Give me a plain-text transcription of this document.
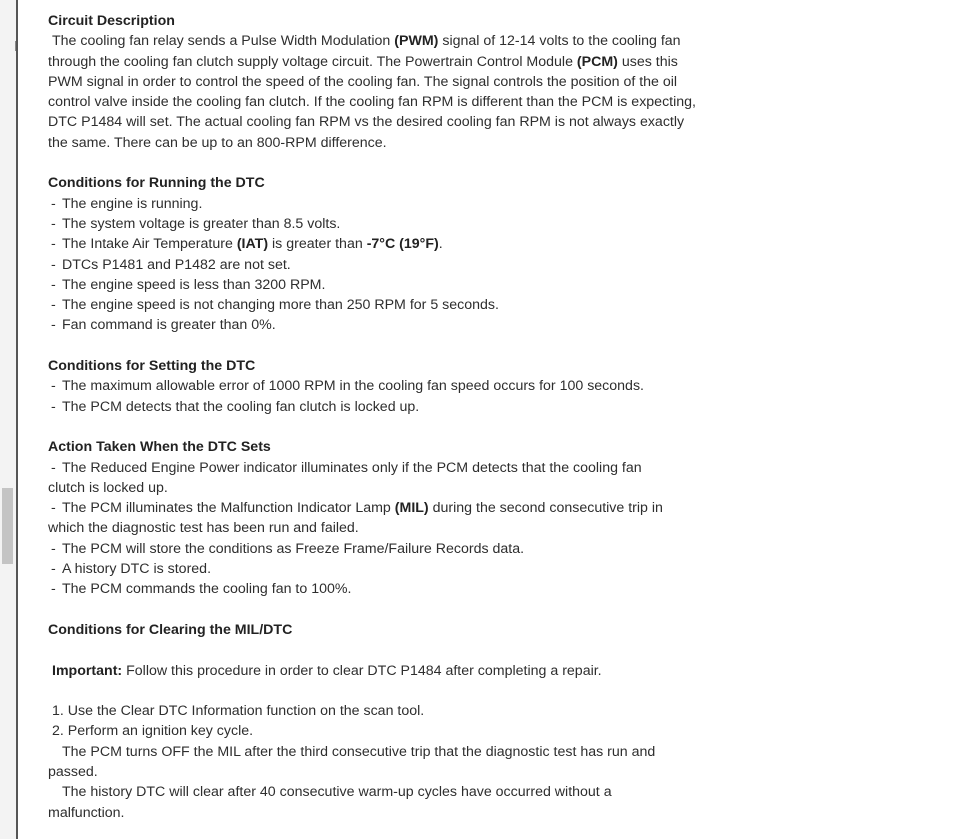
Circuit Description

The cooling fan relay sends a Pulse Width Modulation (PWM) signal of 12-14 volts to the cooling fan through the cooling fan clutch supply voltage circuit. The Powertrain Control Module (PCM) uses this PWM signal in order to control the speed of the cooling fan. The signal controls the position of the oil control valve inside the cooling fan clutch. If the cooling fan RPM is different than the PCM is expecting, DTC P1484 will set. The actual cooling fan RPM vs the desired cooling fan RPM is not always exactly the same. There can be up to an 800-RPM difference.

Conditions for Running the DTC

- The engine is running.

- The system voltage is greater than 8.5 volts.

- The Intake Air Temperature (IAT) is greater than -7°C (19°F).

- DTCs P1481 and P1482 are not set.

- The engine speed is less than 3200 RPM.

- The engine speed is not changing more than 250 RPM for 5 seconds.

- Fan command is greater than 0%.

Conditions for Setting the DTC

- The maximum allowable error of 1000 RPM in the cooling fan speed occurs for 100 seconds.

- The PCM detects that the cooling fan clutch is locked up.

Action Taken When the DTC Sets

- The Reduced Engine Power indicator illuminates only if the PCM detects that the cooling fan

clutch is locked up.

- The PCM illuminates the Malfunction Indicator Lamp (MIL) during the second consecutive trip in

which the diagnostic test has been run and failed.

- The PCM will store the conditions as Freeze Frame/Failure Records data.

- A history DTC is stored.

- The PCM commands the cooling fan to 100%.

Conditions for Clearing the MIL/DTC

Important: Follow this procedure in order to clear DTC P1484 after completing a repair.

1. Use the Clear DTC Information function on the scan tool.

2. Perform an ignition key cycle.

The PCM turns OFF the MIL after the third consecutive trip that the diagnostic test has run and

passed.

The history DTC will clear after 40 consecutive warm-up cycles have occurred without a

malfunction.
